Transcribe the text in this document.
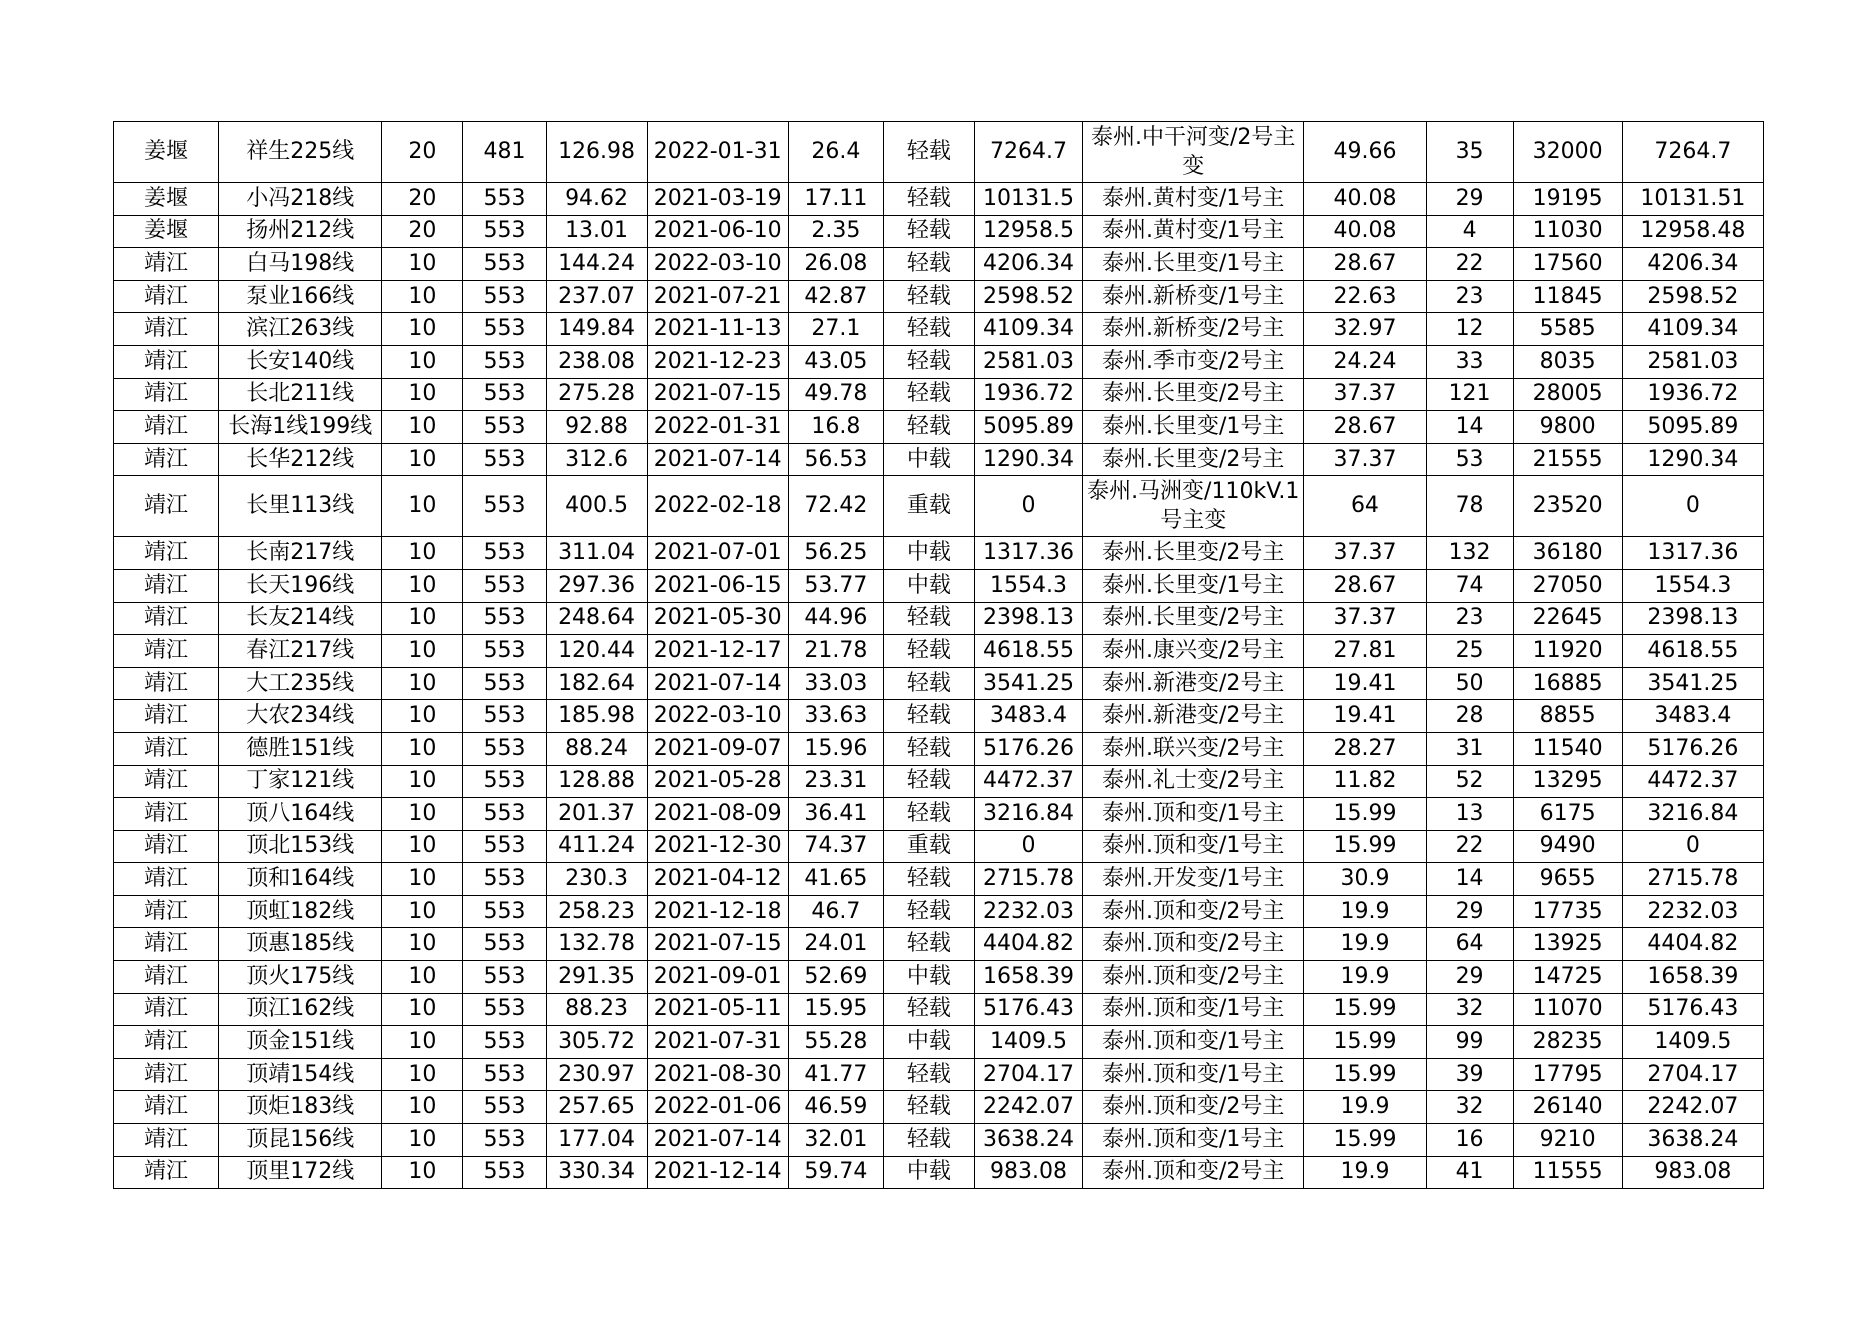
姜堰	祥生225线	20	481	126.98	2022-01-31	26.4	轻载	7264.7	泰州.中干河变/2号主变	49.66	35	32000	7264.7
姜堰	小冯218线	20	553	94.62	2021-03-19	17.11	轻载	10131.5	泰州.黄村变/1号主	40.08	29	19195	10131.51
姜堰	扬州212线	20	553	13.01	2021-06-10	2.35	轻载	12958.5	泰州.黄村变/1号主	40.08	4	11030	12958.48
靖江	白马198线	10	553	144.24	2022-03-10	26.08	轻载	4206.34	泰州.长里变/1号主	28.67	22	17560	4206.34
靖江	泵业166线	10	553	237.07	2021-07-21	42.87	轻载	2598.52	泰州.新桥变/1号主	22.63	23	11845	2598.52
靖江	滨江263线	10	553	149.84	2021-11-13	27.1	轻载	4109.34	泰州.新桥变/2号主	32.97	12	5585	4109.34
靖江	长安140线	10	553	238.08	2021-12-23	43.05	轻载	2581.03	泰州.季市变/2号主	24.24	33	8035	2581.03
靖江	长北211线	10	553	275.28	2021-07-15	49.78	轻载	1936.72	泰州.长里变/2号主	37.37	121	28005	1936.72
靖江	长海1线199线	10	553	92.88	2022-01-31	16.8	轻载	5095.89	泰州.长里变/1号主	28.67	14	9800	5095.89
靖江	长华212线	10	553	312.6	2021-07-14	56.53	中载	1290.34	泰州.长里变/2号主	37.37	53	21555	1290.34
靖江	长里113线	10	553	400.5	2022-02-18	72.42	重载	0	泰州.马洲变/110kV.1号主变	64	78	23520	0
靖江	长南217线	10	553	311.04	2021-07-01	56.25	中载	1317.36	泰州.长里变/2号主	37.37	132	36180	1317.36
靖江	长天196线	10	553	297.36	2021-06-15	53.77	中载	1554.3	泰州.长里变/1号主	28.67	74	27050	1554.3
靖江	长友214线	10	553	248.64	2021-05-30	44.96	轻载	2398.13	泰州.长里变/2号主	37.37	23	22645	2398.13
靖江	春江217线	10	553	120.44	2021-12-17	21.78	轻载	4618.55	泰州.康兴变/2号主	27.81	25	11920	4618.55
靖江	大工235线	10	553	182.64	2021-07-14	33.03	轻载	3541.25	泰州.新港变/2号主	19.41	50	16885	3541.25
靖江	大农234线	10	553	185.98	2022-03-10	33.63	轻载	3483.4	泰州.新港变/2号主	19.41	28	8855	3483.4
靖江	德胜151线	10	553	88.24	2021-09-07	15.96	轻载	5176.26	泰州.联兴变/2号主	28.27	31	11540	5176.26
靖江	丁家121线	10	553	128.88	2021-05-28	23.31	轻载	4472.37	泰州.礼士变/2号主	11.82	52	13295	4472.37
靖江	顶八164线	10	553	201.37	2021-08-09	36.41	轻载	3216.84	泰州.顶和变/1号主	15.99	13	6175	3216.84
靖江	顶北153线	10	553	411.24	2021-12-30	74.37	重载	0	泰州.顶和变/1号主	15.99	22	9490	0
靖江	顶和164线	10	553	230.3	2021-04-12	41.65	轻载	2715.78	泰州.开发变/1号主	30.9	14	9655	2715.78
靖江	顶虹182线	10	553	258.23	2021-12-18	46.7	轻载	2232.03	泰州.顶和变/2号主	19.9	29	17735	2232.03
靖江	顶惠185线	10	553	132.78	2021-07-15	24.01	轻载	4404.82	泰州.顶和变/2号主	19.9	64	13925	4404.82
靖江	顶火175线	10	553	291.35	2021-09-01	52.69	中载	1658.39	泰州.顶和变/2号主	19.9	29	14725	1658.39
靖江	顶江162线	10	553	88.23	2021-05-11	15.95	轻载	5176.43	泰州.顶和变/1号主	15.99	32	11070	5176.43
靖江	顶金151线	10	553	305.72	2021-07-31	55.28	中载	1409.5	泰州.顶和变/1号主	15.99	99	28235	1409.5
靖江	顶靖154线	10	553	230.97	2021-08-30	41.77	轻载	2704.17	泰州.顶和变/1号主	15.99	39	17795	2704.17
靖江	顶炬183线	10	553	257.65	2022-01-06	46.59	轻载	2242.07	泰州.顶和变/2号主	19.9	32	26140	2242.07
靖江	顶昆156线	10	553	177.04	2021-07-14	32.01	轻载	3638.24	泰州.顶和变/1号主	15.99	16	9210	3638.24
靖江	顶里172线	10	553	330.34	2021-12-14	59.74	中载	983.08	泰州.顶和变/2号主	19.9	41	11555	983.08
